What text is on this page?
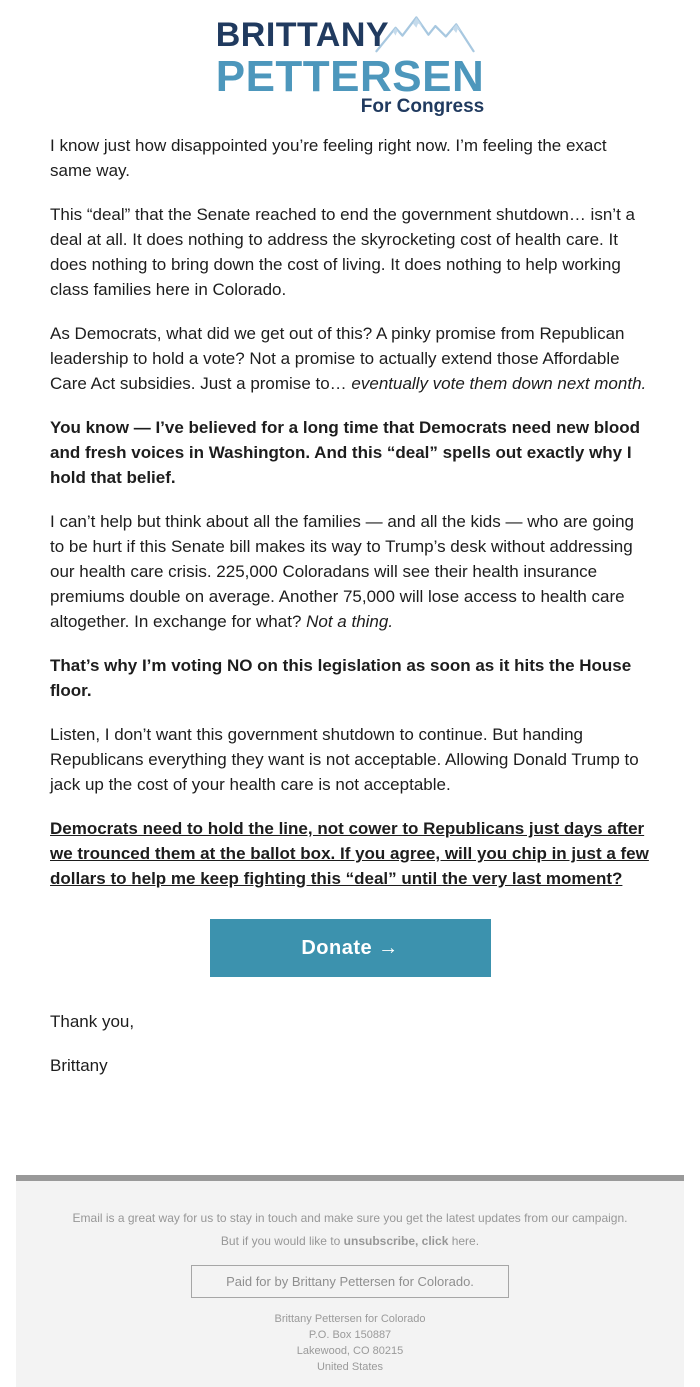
BRITTANY
PETTERSEN
For Congress

I know just how disappointed you’re feeling right now. I’m feeling the exact same way.

This “deal” that the Senate reached to end the government shutdown… isn’t a deal at all. It does nothing to address the skyrocketing cost of health care. It does nothing to bring down the cost of living. It does nothing to help working class families here in Colorado.

As Democrats, what did we get out of this? A pinky promise from Republican leadership to hold a vote? Not a promise to actually extend those Affordable Care Act subsidies. Just a promise to… eventually vote them down next month.

You know — I’ve believed for a long time that Democrats need new blood and fresh voices in Washington. And this “deal” spells out exactly why I hold that belief.

I can’t help but think about all the families — and all the kids — who are going to be hurt if this Senate bill makes its way to Trump’s desk without addressing our health care crisis. 225,000 Coloradans will see their health insurance premiums double on average. Another 75,000 will lose access to health care altogether. In exchange for what? Not a thing.

That’s why I’m voting NO on this legislation as soon as it hits the House floor.

Listen, I don’t want this government shutdown to continue. But handing Republicans everything they want is not acceptable. Allowing Donald Trump to jack up the cost of your health care is not acceptable.

Democrats need to hold the line, not cower to Republicans just days after we trounced them at the ballot box. If you agree, will you chip in just a few dollars to help me keep fighting this “deal” until the very last moment?

Donate →

Thank you,

Brittany

Email is a great way for us to stay in touch and make sure you get the latest updates from our campaign. But if you would like to unsubscribe, click here.
Paid for by Brittany Pettersen for Colorado.
Brittany Pettersen for Colorado
P.O. Box 150887
Lakewood, CO 80215
United States
